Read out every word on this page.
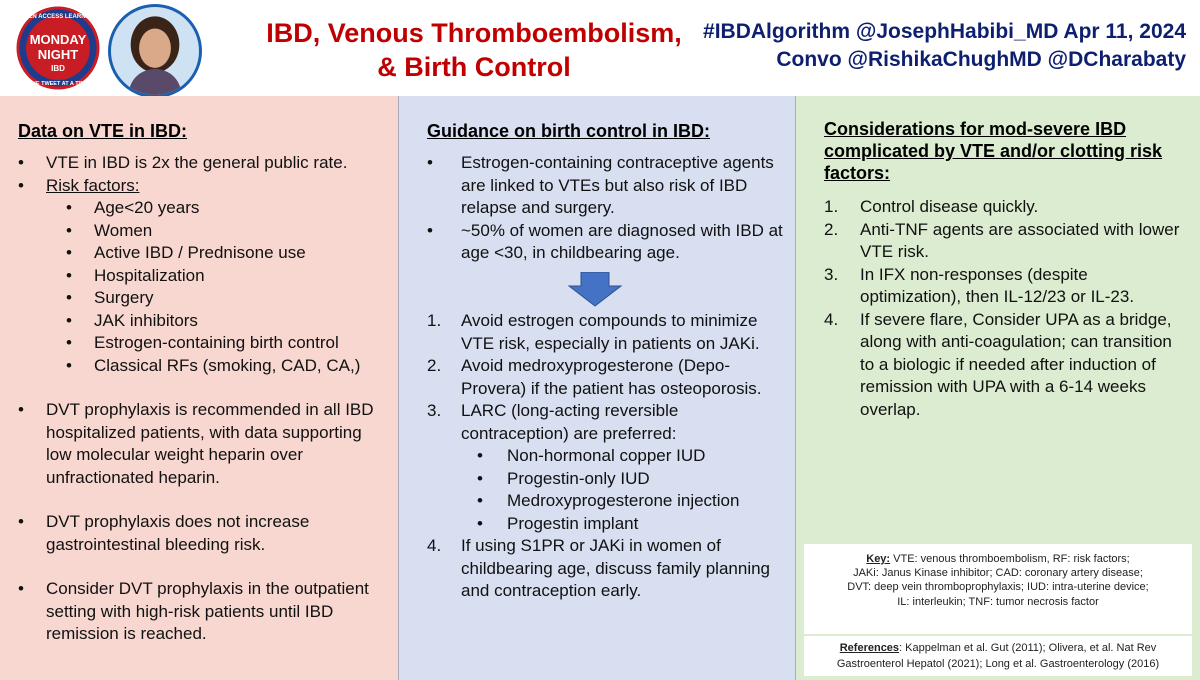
OPEN ACCESS LEARNING
MONDAY
NIGHT
IBD
ONE TWEET AT A TIME
IBD, Venous Thromboembolism,
& Birth Control
#IBDAlgorithm @JosephHabibi_MD Apr 11, 2024
Convo @RishikaChughMD @DCharabaty
Data on VTE in IBD:
• VTE in IBD is 2x the general public rate.
• Risk factors:
• Age<20 years
• Women
• Active IBD / Prednisone use
• Hospitalization
• Surgery
• JAK inhibitors
• Estrogen-containing birth control
• Classical RFs (smoking, CAD, CA,)
• DVT prophylaxis is recommended in all IBD hospitalized patients, with data supporting low molecular weight heparin over unfractionated heparin.
• DVT prophylaxis does not increase gastrointestinal bleeding risk.
• Consider DVT prophylaxis in the outpatient setting with high-risk patients until IBD remission is reached.
Guidance on birth control in IBD:
• Estrogen-containing contraceptive agents are linked to VTEs but also risk of IBD relapse and surgery.
• ~50% of women are diagnosed with IBD at age <30, in childbearing age.
1. Avoid estrogen compounds to minimize VTE risk, especially in patients on JAKi.
2. Avoid medroxyprogesterone (Depo-Provera) if the patient has osteoporosis.
3. LARC (long-acting reversible contraception) are preferred:
• Non-hormonal copper IUD
• Progestin-only IUD
• Medroxyprogesterone injection
• Progestin implant
4. If using S1PR or JAKi in women of childbearing age, discuss family planning and contraception early.
Considerations for mod-severe IBD complicated by VTE and/or clotting risk factors:
1. Control disease quickly.
2. Anti-TNF agents are associated with lower VTE risk.
3. In IFX non-responses (despite optimization), then IL-12/23 or IL-23.
4. If severe flare, Consider UPA as a bridge, along with anti-coagulation; can transition to a biologic if needed after induction of remission with UPA with a 6-14 weeks overlap.
Key: VTE: venous thromboembolism, RF: risk factors;
JAKi: Janus Kinase inhibitor; CAD: coronary artery disease;
DVT: deep vein thromboprophylaxis; IUD: intra-uterine device;
IL: interleukin; TNF: tumor necrosis factor
References: Kappelman et al. Gut (2011); Olivera, et al. Nat Rev Gastroenterol Hepatol (2021); Long et al. Gastroenterology (2016)
